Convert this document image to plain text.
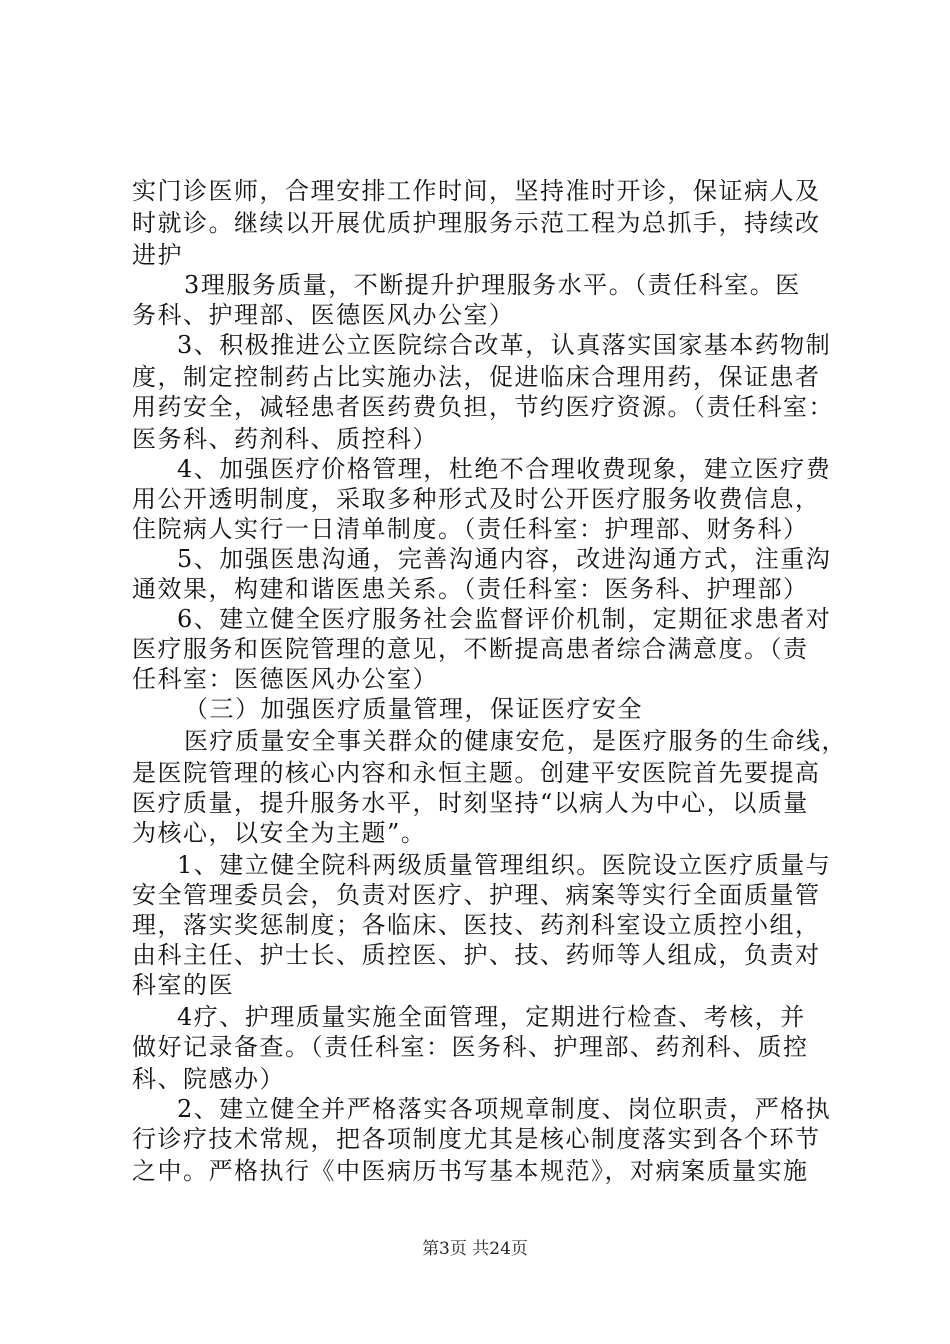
实门诊医师，合理安排工作时间，坚持准时开诊，保证病人及
时就诊。继续以开展优质护理服务示范工程为总抓手，持续改
进护
3理服务质量，不断提升护理服务水平。（责任科室。医
务科、护理部、医德医风办公室）
3、积极推进公立医院综合改革，认真落实国家基本药物制
度，制定控制药占比实施办法，促进临床合理用药，保证患者
用药安全，减轻患者医药费负担，节约医疗资源。（责任科室：
医务科、药剂科、质控科）
4、加强医疗价格管理，杜绝不合理收费现象，建立医疗费
用公开透明制度，采取多种形式及时公开医疗服务收费信息，
住院病人实行一日清单制度。（责任科室：护理部、财务科）
5、加强医患沟通，完善沟通内容，改进沟通方式，注重沟
通效果，构建和谐医患关系。（责任科室：医务科、护理部）
6、建立健全医疗服务社会监督评价机制，定期征求患者对
医疗服务和医院管理的意见，不断提高患者综合满意度。（责
任科室：医德医风办公室）
（三）加强医疗质量管理，保证医疗安全
医疗质量安全事关群众的健康安危，是医疗服务的生命线，
是医院管理的核心内容和永恒主题。创建平安医院首先要提高
医疗质量，提升服务水平，时刻坚持“以病人为中心，以质量
为核心，以安全为主题”。
1、建立健全院科两级质量管理组织。医院设立医疗质量与
安全管理委员会，负责对医疗、护理、病案等实行全面质量管
理，落实奖惩制度；各临床、医技、药剂科室设立质控小组，
由科主任、护士长、质控医、护、技、药师等人组成，负责对
科室的医
4疗、护理质量实施全面管理，定期进行检查、考核，并
做好记录备查。（责任科室：医务科、护理部、药剂科、质控
科、院感办）
2、建立健全并严格落实各项规章制度、岗位职责，严格执
行诊疗技术常规，把各项制度尤其是核心制度落实到各个环节
之中。严格执行《中医病历书写基本规范》，对病案质量实施
第3页 共24页
